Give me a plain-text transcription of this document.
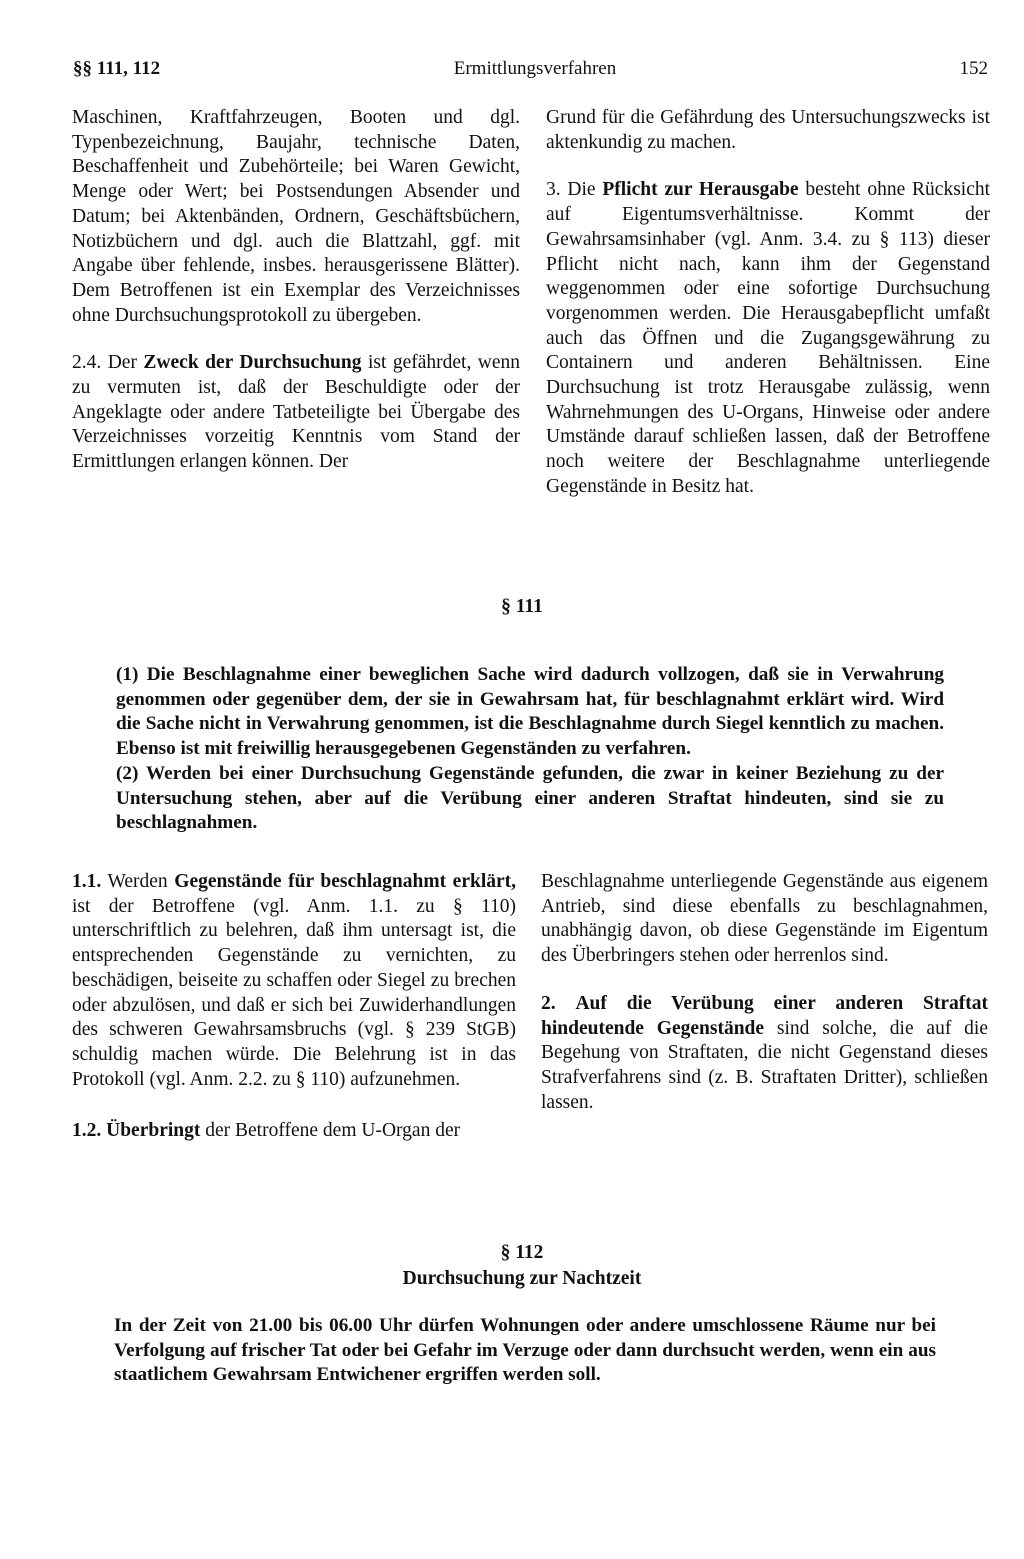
§§ 111, 112	Ermittlungsverfahren	152

Maschinen, Kraftfahrzeugen, Booten und dgl. Typenbezeichnung, Baujahr, technische Daten, Beschaffenheit und Zubehörteile; bei Waren Gewicht, Menge oder Wert; bei Postsendungen Absender und Datum; bei Aktenbänden, Ordnern, Geschäftsbüchern, Notizbüchern und dgl. auch die Blattzahl, ggf. mit Angabe über fehlende, insbes. herausgerissene Blätter). Dem Betroffenen ist ein Exemplar des Verzeichnisses ohne Durchsuchungsprotokoll zu übergeben.

2.4. Der Zweck der Durchsuchung ist gefährdet, wenn zu vermuten ist, daß der Beschuldigte oder der Angeklagte oder andere Tatbeteiligte bei Übergabe des Verzeichnisses vorzeitig Kenntnis vom Stand der Ermittlungen erlangen können. Der

Grund für die Gefährdung des Untersuchungszwecks ist aktenkundig zu machen.

3. Die Pflicht zur Herausgabe besteht ohne Rücksicht auf Eigentumsverhältnisse. Kommt der Gewahrsamsinhaber (vgl. Anm. 3.4. zu § 113) dieser Pflicht nicht nach, kann ihm der Gegenstand weggenommen oder eine sofortige Durchsuchung vorgenommen werden. Die Herausgabepflicht umfaßt auch das Öffnen und die Zugangsgewährung zu Containern und anderen Behältnissen. Eine Durchsuchung ist trotz Herausgabe zulässig, wenn Wahrnehmungen des U-Organs, Hinweise oder andere Umstände darauf schließen lassen, daß der Betroffene noch weitere der Beschlagnahme unterliegende Gegenstände in Besitz hat.

§ 111

(1) Die Beschlagnahme einer beweglichen Sache wird dadurch vollzogen, daß sie in Verwahrung genommen oder gegenüber dem, der sie in Gewahrsam hat, für beschlagnahmt erklärt wird. Wird die Sache nicht in Verwahrung genommen, ist die Beschlagnahme durch Siegel kenntlich zu machen. Ebenso ist mit freiwillig herausgegebenen Gegenständen zu verfahren.

(2) Werden bei einer Durchsuchung Gegenstände gefunden, die zwar in keiner Beziehung zu der Untersuchung stehen, aber auf die Verübung einer anderen Straftat hindeuten, sind sie zu beschlagnahmen.

1.1. Werden Gegenstände für beschlagnahmt erklärt, ist der Betroffene (vgl. Anm. 1.1. zu § 110) unterschriftlich zu belehren, daß ihm untersagt ist, die entsprechenden Gegenstände zu vernichten, zu beschädigen, beiseite zu schaffen oder Siegel zu brechen oder abzulösen, und daß er sich bei Zuwiderhandlungen des schweren Gewahrsamsbruchs (vgl. § 239 StGB) schuldig machen würde. Die Belehrung ist in das Protokoll (vgl. Anm. 2.2. zu § 110) aufzunehmen.

1.2. Überbringt der Betroffene dem U-Organ der

Beschlagnahme unterliegende Gegenstände aus eigenem Antrieb, sind diese ebenfalls zu beschlagnahmen, unabhängig davon, ob diese Gegenstände im Eigentum des Überbringers stehen oder herrenlos sind.

2. Auf die Verübung einer anderen Straftat hindeutende Gegenstände sind solche, die auf die Begehung von Straftaten, die nicht Gegenstand dieses Strafverfahrens sind (z. B. Straftaten Dritter), schließen lassen.

§ 112
Durchsuchung zur Nachtzeit

In der Zeit von 21.00 bis 06.00 Uhr dürfen Wohnungen oder andere umschlossene Räume nur bei Verfolgung auf frischer Tat oder bei Gefahr im Verzuge oder dann durchsucht werden, wenn ein aus staatlichem Gewahrsam Entwichener ergriffen werden soll.
